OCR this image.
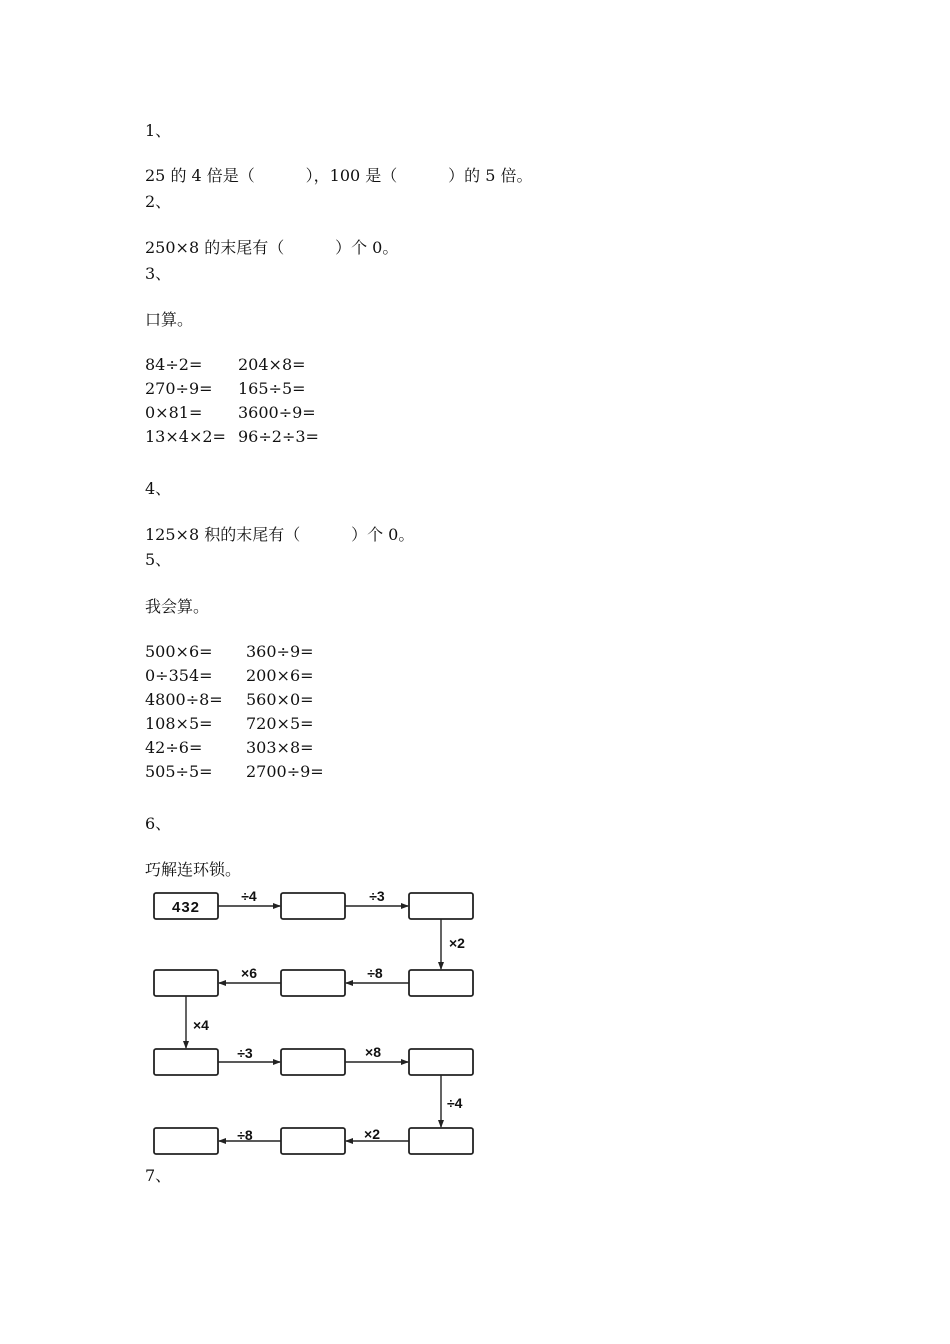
1、
25 的 4 倍是（          ），100 是（          ）的 5 倍。
2、
250×8 的末尾有（          ）个 0。
3、
口算。
84÷2= 204×8=
270÷9= 165÷5=
0×81= 3600÷9=
13×4×2= 96÷2÷3=
4、
125×8 积的末尾有（          ）个 0。
5、
我会算。
500×6= 360÷9=
0÷354= 200×6=
4800÷8= 560×0=
108×5= 720×5=
42÷6=	303×8=
505÷5= 2700÷9=
6、
巧解连环锁。
432
÷4	÷3
×2
×6	÷8
×4
÷3	×8
÷4
÷8	×2
7、
